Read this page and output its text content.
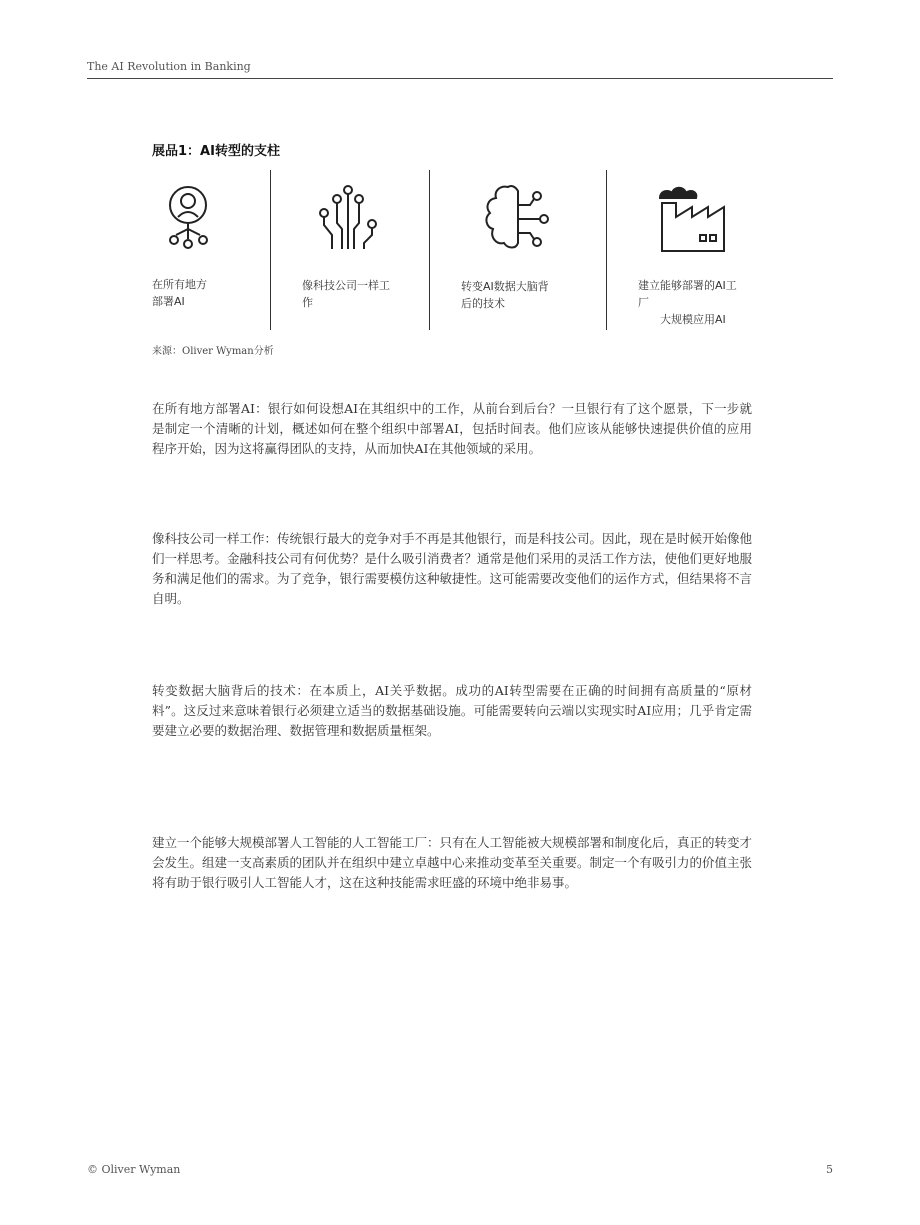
The AI Revolution in Banking
展品1：AI转型的支柱
在所有地方
部署AI
像科技公司一样工
作
转变AI数据大脑背
后的技术
建立能够部署的AI工
厂
大规模应用AI
来源：Oliver Wyman分析

在所有地方部署AI：银行如何设想AI在其组织中的工作，从前台到后台？一旦银行有了这个愿景，下一步就是制定一个清晰的计划，概述如何在整个组织中部署AI，包括时间表。他们应该从能够快速提供价值的应用程序开始，因为这将赢得团队的支持，从而加快AI在其他领域的采用。

像科技公司一样工作：传统银行最大的竞争对手不再是其他银行，而是科技公司。因此，现在是时候开始像他们一样思考。金融科技公司有何优势？是什么吸引消费者？通常是他们采用的灵活工作方法，使他们更好地服务和满足他们的需求。为了竞争，银行需要模仿这种敏捷性。这可能需要改变他们的运作方式，但结果将不言自明。

转变数据大脑背后的技术：在本质上，AI关乎数据。成功的AI转型需要在正确的时间拥有高质量的“原材料”。这反过来意味着银行必须建立适当的数据基础设施。可能需要转向云端以实现实时AI应用；几乎肯定需要建立必要的数据治理、数据管理和数据质量框架。

建立一个能够大规模部署人工智能的人工智能工厂：只有在人工智能被大规模部署和制度化后，真正的转变才会发生。组建一支高素质的团队并在组织中建立卓越中心来推动变革至关重要。制定一个有吸引力的价值主张将有助于银行吸引人工智能人才，这在这种技能需求旺盛的环境中绝非易事。

© Oliver Wyman	5
